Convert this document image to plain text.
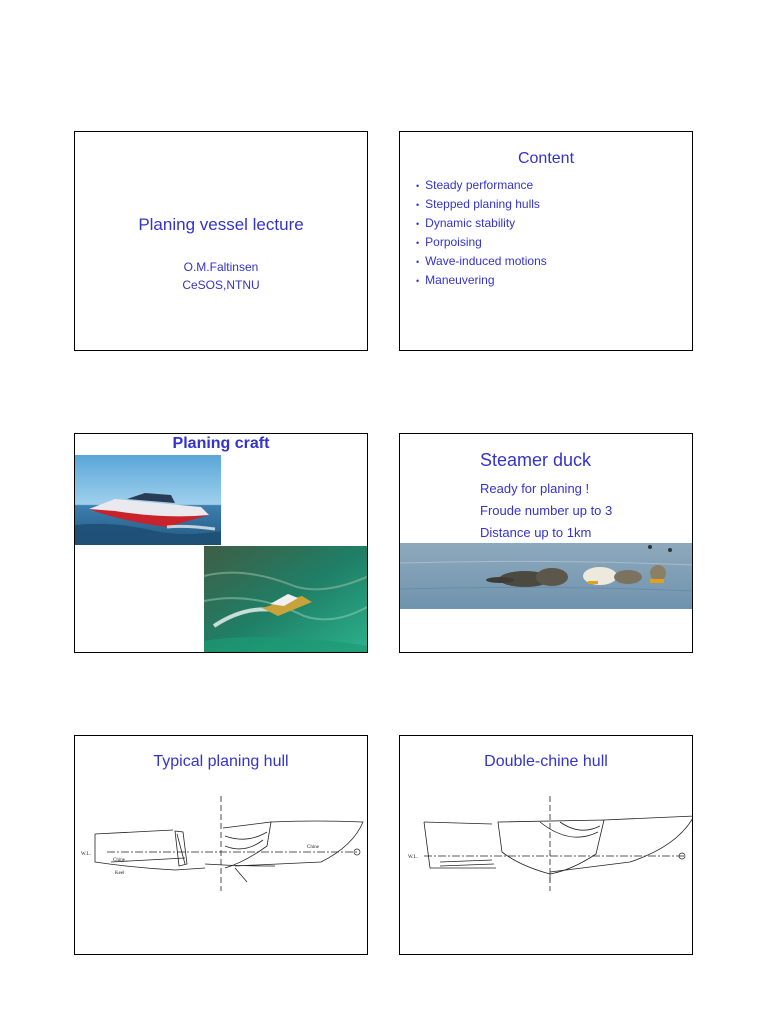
Planing vessel lecture
O.M.Faltinsen
CeSOS,NTNU
Content
• Steady performance
• Stepped planing hulls
• Dynamic stability
• Porpoising
• Wave-induced motions
• Maneuvering
Planing craft
Steamer duck
Ready for planing !
Froude number up to 3
Distance up to 1km
Typical planing hull
W.L.
Chine
Chine
Keel
Double-chine hull
W.L.
